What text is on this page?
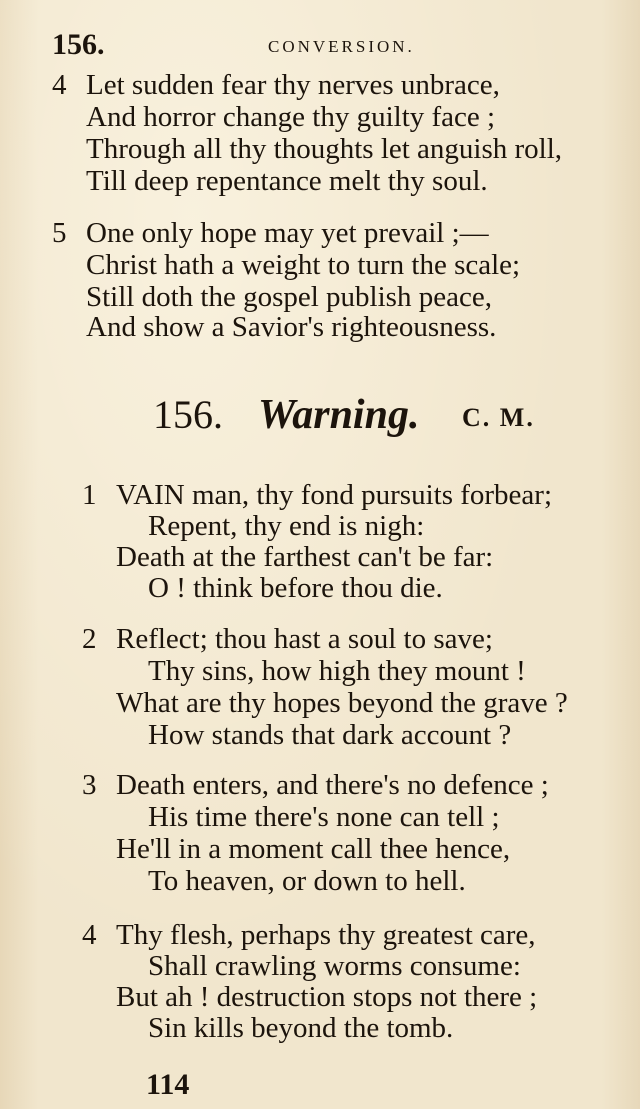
156.	CONVERSION.
4 Let sudden fear thy nerves unbrace,
And horror change thy guilty face ;
Through all thy thoughts let anguish roll,
Till deep repentance melt thy soul.
5 One only hope may yet prevail ;—
Christ hath a weight to turn the scale;
Still doth the gospel publish peace,
And show a Savior's righteousness.
156. Warning. C. M.
1 VAIN man, thy fond pursuits forbear;
Repent, thy end is nigh:
Death at the farthest can't be far:
O ! think before thou die.
2 Reflect; thou hast a soul to save;
Thy sins, how high they mount !
What are thy hopes beyond the grave ?
How stands that dark account ?
3 Death enters, and there's no defence ;
His time there's none can tell ;
He'll in a moment call thee hence,
To heaven, or down to hell.
4 Thy flesh, perhaps thy greatest care,
Shall crawling worms consume:
But ah ! destruction stops not there ;
Sin kills beyond the tomb.
114
